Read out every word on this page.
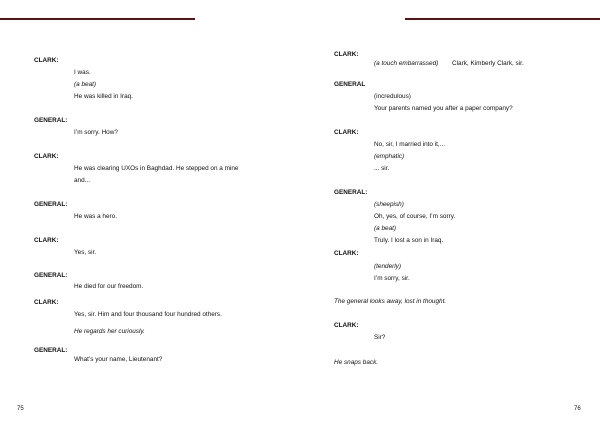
CLARK:
I was.
(a beat)
He was killed in Iraq.
GENERAL:
I’m sorry. How?
CLARK:
He was clearing UXOs in Baghdad. He stepped on a mine
and...
GENERAL:
He was a hero.
CLARK:
Yes, sir.
GENERAL:
He died for our freedom.
CLARK:
Yes, sir. Him and four thousand four hundred others.
He regards her curiously.
GENERAL:
What’s your name, Lieutenant?
75
CLARK:
(a touch embarrassed) Clark, Kimberly Clark, sir.
GENERAL
(incredulous)
Your parents named you after a paper company?
CLARK:
No, sir, I married into it,...
(emphatic)
... sir.
GENERAL:
(sheepish)
Oh, yes, of course, I’m sorry.
(a beat)
Truly. I lost a son in Iraq.
CLARK:
(tenderly)
I’m sorry, sir.
The general looks away, lost in thought.
CLARK:
Sir?
He snaps back.
76
